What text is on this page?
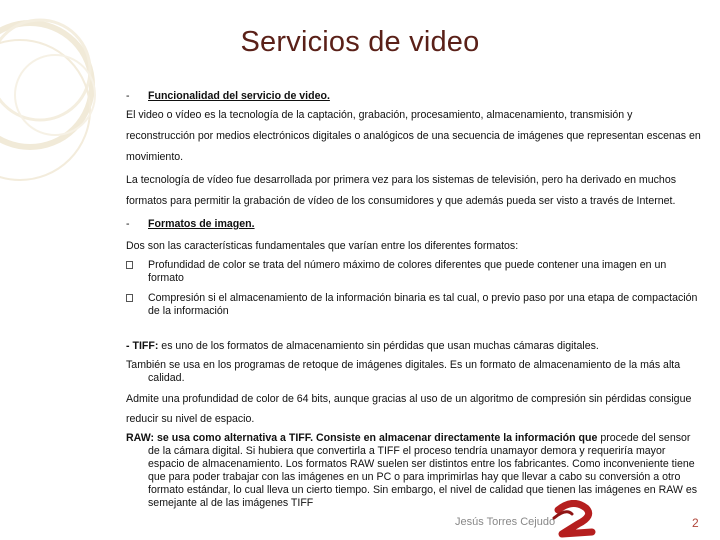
Servicios de video

- Funcionalidad del servicio de video.

El video o vídeo es la tecnología de la captación, grabación, procesamiento, almacenamiento, transmisión y reconstrucción por medios electrónicos digitales o analógicos de una secuencia de imágenes que representan escenas en movimiento.

La tecnología de vídeo fue desarrollada por primera vez para los sistemas de televisión, pero ha derivado en muchos formatos para permitir la grabación de vídeo de los consumidores y que además pueda ser visto a través de Internet.

- Formatos de imagen.

Dos son las características fundamentales que varían entre los diferentes formatos:

Profundidad de color se trata del número máximo de colores diferentes que puede contener una imagen en un formato
Compresión si el almacenamiento de la información binaria es tal cual, o previo paso por una etapa de compactación de la información

- TIFF: es uno de los formatos de almacenamiento sin pérdidas que usan muchas cámaras digitales.

También se usa en los programas de retoque de imágenes digitales. Es un formato de almacenamiento de la más alta calidad.

Admite una profundidad de color de 64 bits, aunque gracias al uso de un algoritmo de compresión sin pérdidas consigue

reducir su nivel de espacio.

RAW: se usa como alternativa a TIFF. Consiste en almacenar directamente la información que procede del sensor de la cámara digital. Si hubiera que convertirla a TIFF el proceso tendría unamayor demora y requeriría mayor espacio de almacenamiento. Los formatos RAW suelen ser distintos entre los fabricantes. Como inconveniente tiene que para poder trabajar con las imágenes en un PC o para imprimirlas hay que llevar a cabo su conversión a otro formato estándar, lo cual lleva un cierto tiempo. Sin embargo, el nivel de calidad que tienen las imágenes en RAW es semejante al de las imágenes TIFF

Jesús Torres Cejudo	2
